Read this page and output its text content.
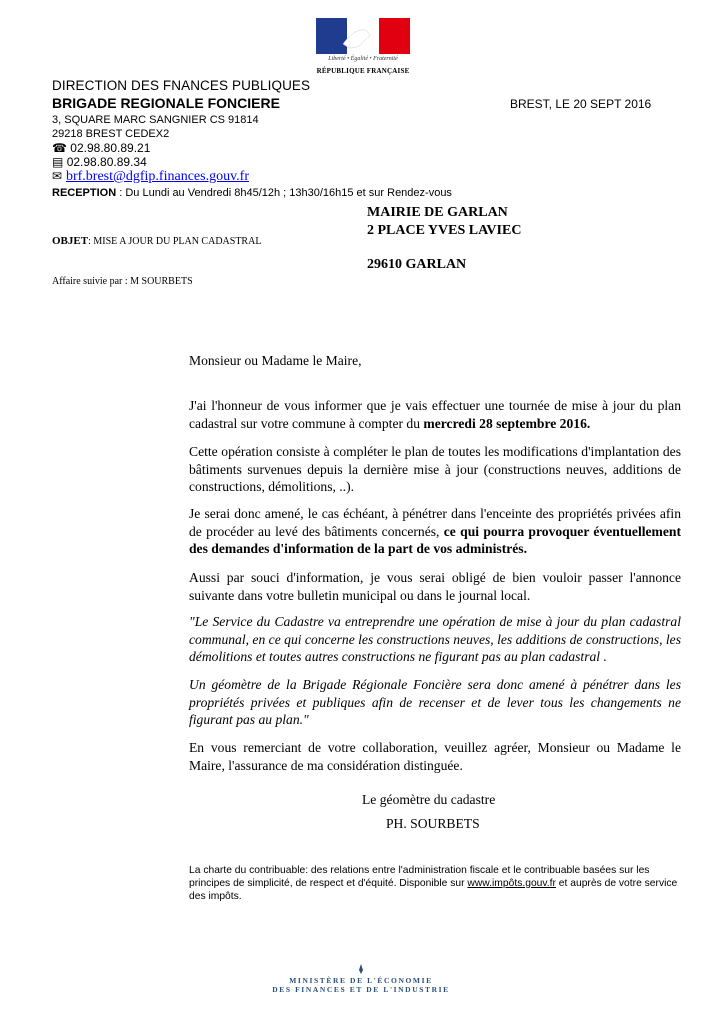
Liberté • Égalité • Fraternité
RÉPUBLIQUE FRANÇAISE
DIRECTION DES FNANCES PUBLIQUES
BRIGADE REGIONALE FONCIERE	BREST, LE 20 SEPT 2016
3, SQUARE MARC SANGNIER CS 91814
29218 BREST CEDEX2
☎ 02.98.80.89.21
▤ 02.98.80.89.34
✉ brf.brest@dgfip.finances.gouv.fr
RECEPTION : Du Lundi au Vendredi 8h45/12h ; 13h30/16h15 et sur Rendez-vous
MAIRIE DE GARLAN
2 PLACE YVES LAVIEC
29610 GARLAN
OBJET: MISE A JOUR DU PLAN CADASTRAL
Affaire suivie par : M SOURBETS
Monsieur ou Madame le Maire,

J'ai l'honneur de vous informer que je vais effectuer une tournée de mise à jour du plan cadastral sur votre commune à compter du mercredi 28 septembre 2016.

Cette opération consiste à compléter le plan de toutes les modifications d'implantation des bâtiments survenues depuis la dernière mise à jour (constructions neuves, additions de constructions, démolitions, ..).

Je serai donc amené, le cas échéant, à pénétrer dans l'enceinte des propriétés privées afin de procéder au levé des bâtiments concernés, ce qui pourra provoquer éventuellement des demandes d'information de la part de vos administrés.

Aussi par souci d'information, je vous serai obligé de bien vouloir passer l'annonce suivante dans votre bulletin municipal ou dans le journal local.
"Le Service du Cadastre va entreprendre une opération de mise à jour du plan cadastral communal, en ce qui concerne les constructions neuves, les additions de constructions, les démolitions et toutes autres constructions ne figurant pas au plan cadastral .
Un géomètre de la Brigade Régionale Foncière sera donc amené à pénétrer dans les propriétés privées et publiques afin de recenser et de lever tous les changements ne figurant pas au plan."
En vous remerciant de votre collaboration, veuillez agréer, Monsieur ou Madame le Maire, l'assurance de ma considération distinguée.
Le géomètre du cadastre
PH. SOURBETS
La charte du contribuable: des relations entre l'administration fiscale et le contribuable basées sur les principes de simplicité, de respect et d'équité. Disponible sur www.impôts.gouv.fr et auprès de votre service des impôts.
MINISTÈRE DE L'ÉCONOMIE
DES FINANCES ET DE L'INDUSTRIE
